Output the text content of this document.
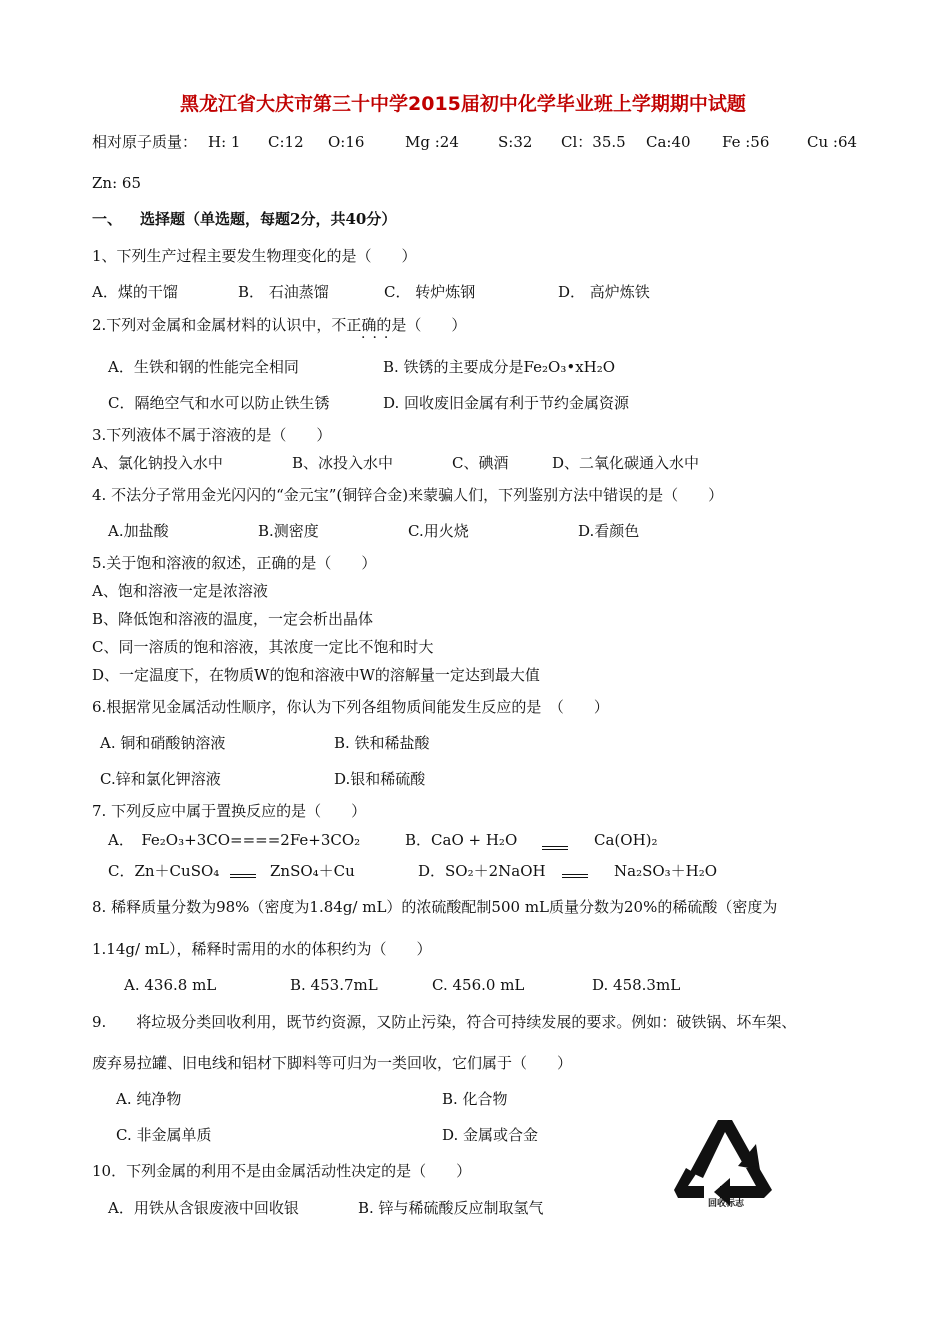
黑龙江省大庆市第三十中学2015届初中化学毕业班上学期期中试题
相对原子质量： H: 1 C:12 O:16	Mg :24	S:32 Cl：35.5 Ca:40 Fe :56	Cu :64
Zn: 65
一、 选择题（单选题，每题2分，共40分）
1、下列生产过程主要发生物理变化的是（　　）
A．煤的干馏	B． 石油蒸馏	C． 转炉炼钢	D． 高炉炼铁
2.下列对金属和金属材料的认识中，不正确的是（　　）
···
A．生铁和钢的性能完全相同	B. 铁锈的主要成分是Fe₂O₃•xH₂O
C．隔绝空气和水可以防止铁生锈	D. 回收废旧金属有利于节约金属资源
3.下列液体不属于溶液的是（　　）
A、氯化钠投入水中	B、冰投入水中	C、碘酒	D、二氧化碳通入水中
4. 不法分子常用金光闪闪的“金元宝”(铜锌合金)来蒙骗人们，下列鉴别方法中错误的是（　　）
A.加盐酸	B.测密度	C.用火烧	D.看颜色
5.关于饱和溶液的叙述，正确的是（　　）
A、饱和溶液一定是浓溶液
B、降低饱和溶液的温度，一定会析出晶体
C、同一溶质的饱和溶液，其浓度一定比不饱和时大
D、一定温度下，在物质W的饱和溶液中W的溶解量一定达到最大值
6.根据常见金属活动性顺序，你认为下列各组物质间能发生反应的是　（　　）
A. 铜和硝酸钠溶液	B. 铁和稀盐酸
C.锌和氯化钾溶液	D.银和稀硫酸
7. 下列反应中属于置换反应的是（　　）
A．　Fe₂O₃+3CO====2Fe+3CO₂	B．CaO + H₂O	Ca(OH)₂
C．Zn＋CuSO₄	ZnSO₄＋Cu	D．SO₂＋2NaOH	Na₂SO₃＋H₂O
8. 稀释质量分数为98%（密度为1.84g/ mL）的浓硫酸配制500 mL质量分数为20%的稀硫酸（密度为
1.14g/ mL），稀释时需用的水的体积约为（　　）
A. 436.8 mL	B. 453.7mL	C. 456.0 mL	D. 458.3mL
9.　　将垃圾分类回收利用，既节约资源，又防止污染，符合可持续发展的要求。例如：破铁锅、坏车架、
废弃易拉罐、旧电线和铝材下脚料等可归为一类回收，它们属于（　　）
A. 纯净物	B. 化合物
C. 非金属单质	D. 金属或合金
10．下列金属的利用不是由金属活动性决定的是（　　）
A．用铁从含银废液中回收银	B. 锌与稀硫酸反应制取氢气	回收标志
